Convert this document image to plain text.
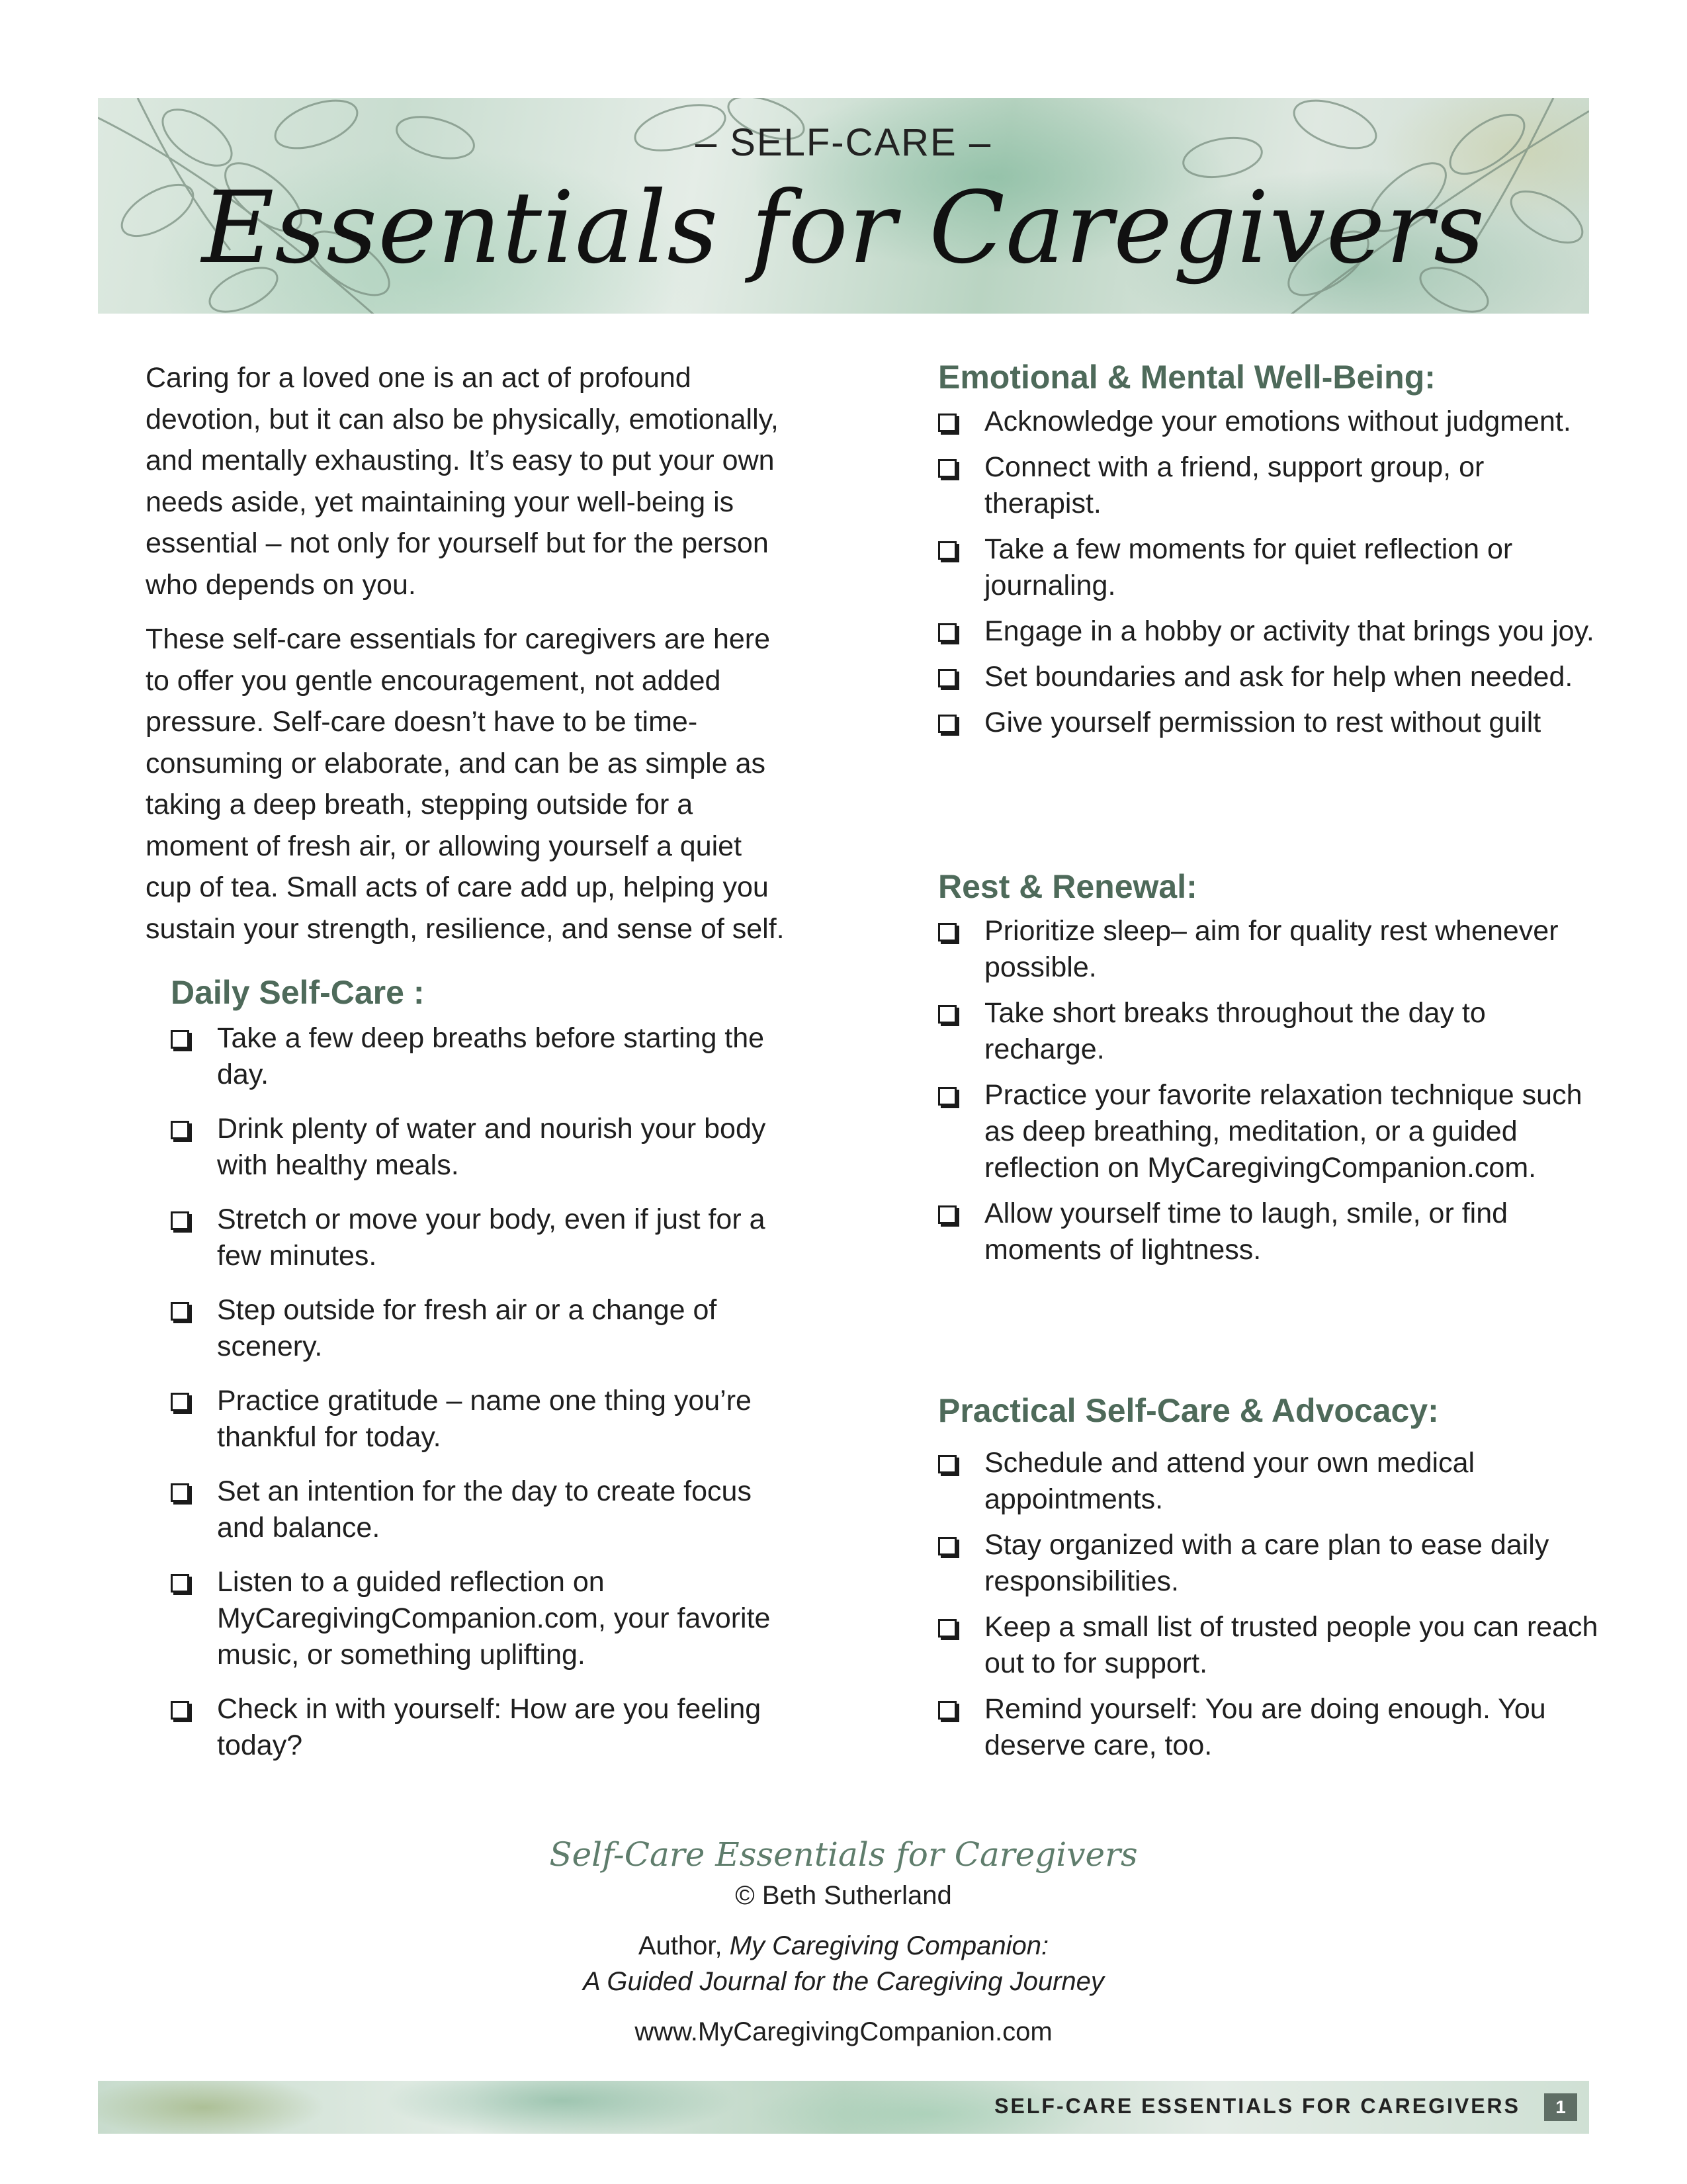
– SELF-CARE –
Essentials for Caregivers

Caring for a loved one is an act of profound devotion, but it can also be physically, emotionally, and mentally exhausting. It’s easy to put your own needs aside, yet maintaining your well-being is essential – not only for yourself but for the person who depends on you.

These self-care essentials for caregivers are here to offer you gentle encouragement, not added pressure. Self-care doesn’t have to be time-consuming or elaborate, and can be as simple as taking a deep breath, stepping outside for a moment of fresh air, or allowing yourself a quiet cup of tea. Small acts of care add up, helping you sustain your strength, resilience, and sense of self.

Daily Self-Care :
Take a few deep breaths before starting the day.
Drink plenty of water and nourish your body with healthy meals.
Stretch or move your body, even if just for a few minutes.
Step outside for fresh air or a change of scenery.
Practice gratitude – name one thing you’re thankful for today.
Set an intention for the day to create focus and balance.
Listen to a guided reflection on MyCaregivingCompanion.com, your favorite music, or something uplifting.
Check in with yourself: How are you feeling today?
Emotional & Mental Well-Being:
Acknowledge your emotions without judgment.
Connect with a friend, support group, or therapist.
Take a few moments for quiet reflection or journaling.
Engage in a hobby or activity that brings you joy.
Set boundaries and ask for help when needed.
Give yourself permission to rest without guilt
Rest & Renewal:
Prioritize sleep– aim for quality rest whenever possible.
Take short breaks throughout the day to recharge.
Practice your favorite relaxation technique such as deep breathing, meditation, or a guided reflection on MyCaregivingCompanion.com.
Allow yourself time to laugh, smile, or find moments of lightness.
Practical Self-Care & Advocacy:
Schedule and attend your own medical appointments.
Stay organized with a care plan to ease daily responsibilities.
Keep a small list of trusted people you can reach out to for support.
Remind yourself: You are doing enough. You deserve care, too.
Self-Care Essentials for Caregivers
© Beth Sutherland
Author, My Caregiving Companion:
A Guided Journal for the Caregiving Journey
www.MyCaregivingCompanion.com
SELF-CARE ESSENTIALS FOR CAREGIVERS	1
